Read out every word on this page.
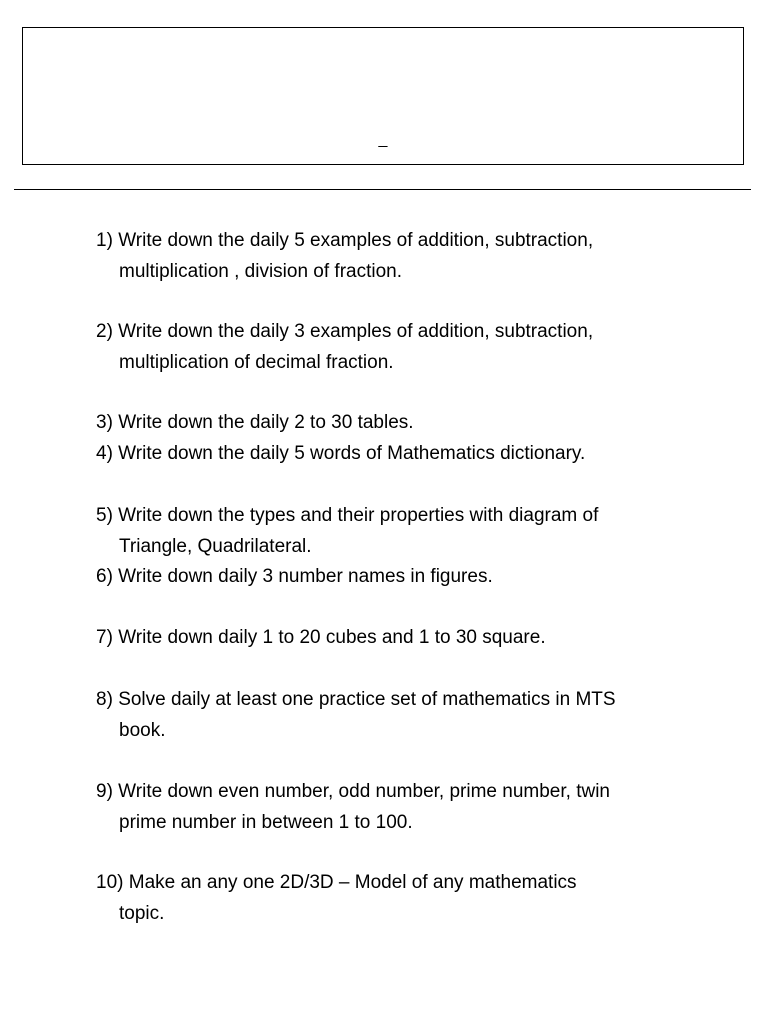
_
1) Write down the daily 5 examples of addition, subtraction,
multiplication , division of fraction.
2) Write down the daily 3 examples of addition, subtraction,
multiplication of decimal fraction.
3) Write down the daily 2 to 30 tables.
4) Write down the daily 5 words of Mathematics dictionary.
5) Write down the types and their properties with diagram of
Triangle, Quadrilateral.
6) Write down daily 3 number names in figures.
7) Write down daily 1 to 20 cubes and 1 to 30 square.
8) Solve daily at least one practice set of mathematics in MTS
book.
9) Write down even number, odd number, prime number, twin
prime number in between 1 to 100.
10) Make an any one 2D/3D – Model of any mathematics
topic.
